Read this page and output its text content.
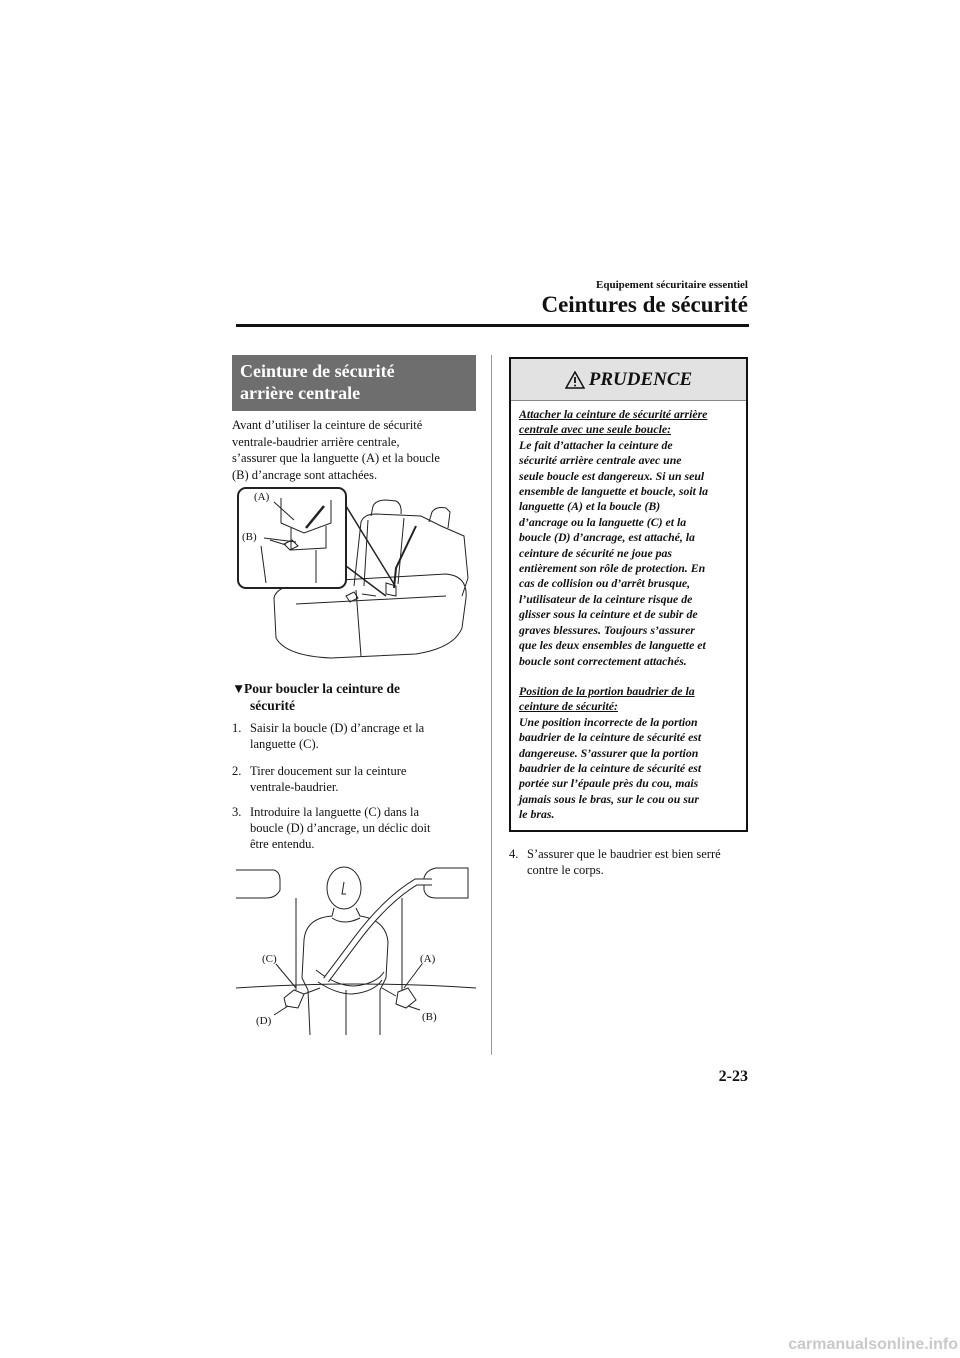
Equipement sécuritaire essentiel
Ceintures de sécurité
Ceinture de sécurité
arrière centrale
Avant d’utiliser la ceinture de sécurité
ventrale-baudrier arrière centrale,
s’assurer que la languette (A) et la boucle
(B) d’ancrage sont attachées.
(A)
(B)
▼Pour boucler la ceinture de
sécurité
1. Saisir la boucle (D) d’ancrage et la
languette (C).
2. Tirer doucement sur la ceinture
ventrale-baudrier.
3. Introduire la languette (C) dans la
boucle (D) d’ancrage, un déclic doit
être entendu.
(C)	(A)
(D)	(B)
PRUDENCE
Attacher la ceinture de sécurité arrière
centrale avec une seule boucle:
Le fait d’attacher la ceinture de
sécurité arrière centrale avec une
seule boucle est dangereux. Si un seul
ensemble de languette et boucle, soit la
languette (A) et la boucle (B)
d’ancrage ou la languette (C) et la
boucle (D) d’ancrage, est attaché, la
ceinture de sécurité ne joue pas
entièrement son rôle de protection. En
cas de collision ou d’arrêt brusque,
l’utilisateur de la ceinture risque de
glisser sous la ceinture et de subir de
graves blessures. Toujours s’assurer
que les deux ensembles de languette et
boucle sont correctement attachés.
Position de la portion baudrier de la
ceinture de sécurité:
Une position incorrecte de la portion
baudrier de la ceinture de sécurité est
dangereuse. S’assurer que la portion
baudrier de la ceinture de sécurité est
portée sur l’épaule près du cou, mais
jamais sous le bras, sur le cou ou sur
le bras.
4. S’assurer que le baudrier est bien serré
contre le corps.
2-23
carmanualsonline.info
